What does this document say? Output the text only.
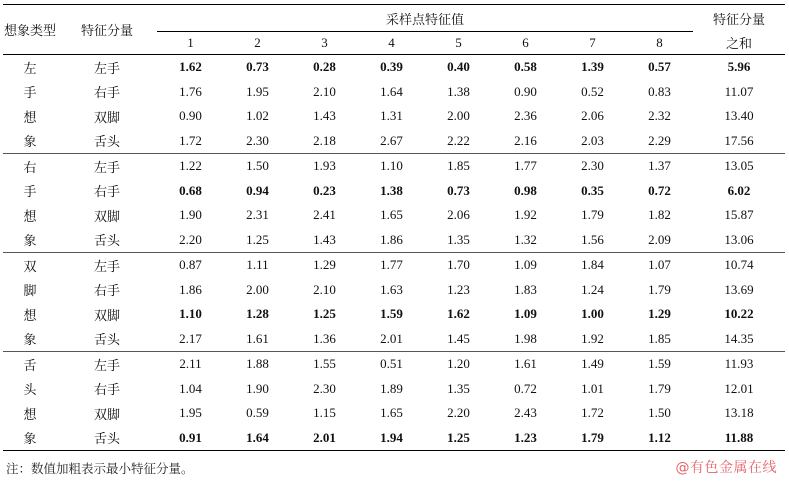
想象类型	特征分量	采样点特征值								特征分量
		1	2	3	4	5	6	7	8	之和
左	左手	1.62	0.73	0.28	0.39	0.40	0.58	1.39	0.57	5.96
手	右手	1.76	1.95	2.10	1.64	1.38	0.90	0.52	0.83	11.07
想	双脚	0.90	1.02	1.43	1.31	2.00	2.36	2.06	2.32	13.40
象	舌头	1.72	2.30	2.18	2.67	2.22	2.16	2.03	2.29	17.56
右	左手	1.22	1.50	1.93	1.10	1.85	1.77	2.30	1.37	13.05
手	右手	0.68	0.94	0.23	1.38	0.73	0.98	0.35	0.72	6.02
想	双脚	1.90	2.31	2.41	1.65	2.06	1.92	1.79	1.82	15.87
象	舌头	2.20	1.25	1.43	1.86	1.35	1.32	1.56	2.09	13.06
双	左手	0.87	1.11	1.29	1.77	1.70	1.09	1.84	1.07	10.74
脚	右手	1.86	2.00	2.10	1.63	1.23	1.83	1.24	1.79	13.69
想	双脚	1.10	1.28	1.25	1.59	1.62	1.09	1.00	1.29	10.22
象	舌头	2.17	1.61	1.36	2.01	1.45	1.98	1.92	1.85	14.35
舌	左手	2.11	1.88	1.55	0.51	1.20	1.61	1.49	1.59	11.93
头	右手	1.04	1.90	2.30	1.89	1.35	0.72	1.01	1.79	12.01
想	双脚	1.95	0.59	1.15	1.65	2.20	2.43	1.72	1.50	13.18
象	舌头	0.91	1.64	2.01	1.94	1.25	1.23	1.79	1.12	11.88
注：数值加粗表示最小特征分量。	@有色金属在线
